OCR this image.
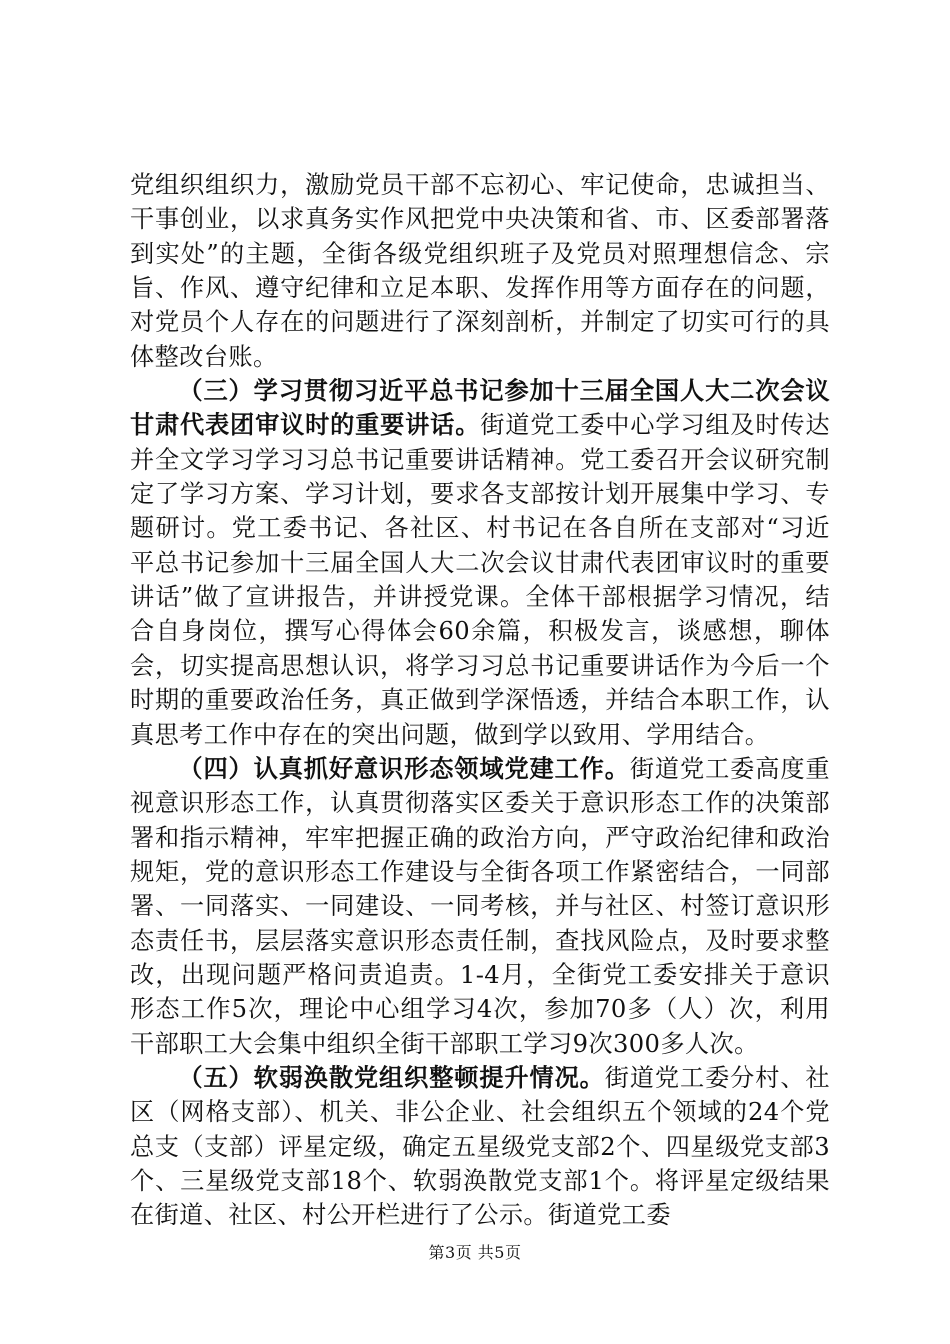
党组织组织力，激励党员干部不忘初心、牢记使命，忠诚担当、干事创业，以求真务实作风把党中央决策和省、市、区委部署落到实处”的主题，全街各级党组织班子及党员对照理想信念、宗旨、作风、遵守纪律和立足本职、发挥作用等方面存在的问题，对党员个人存在的问题进行了深刻剖析，并制定了切实可行的具体整改台账。

（三）学习贯彻习近平总书记参加十三届全国人大二次会议甘肃代表团审议时的重要讲话。街道党工委中心学习组及时传达并全文学习学习习总书记重要讲话精神。党工委召开会议研究制定了学习方案、学习计划，要求各支部按计划开展集中学习、专题研讨。党工委书记、各社区、村书记在各自所在支部对“习近平总书记参加十三届全国人大二次会议甘肃代表团审议时的重要讲话”做了宣讲报告，并讲授党课。全体干部根据学习情况，结合自身岗位，撰写心得体会60余篇，积极发言，谈感想，聊体会，切实提高思想认识，将学习习总书记重要讲话作为今后一个时期的重要政治任务，真正做到学深悟透，并结合本职工作，认真思考工作中存在的突出问题，做到学以致用、学用结合。

（四）认真抓好意识形态领域党建工作。街道党工委高度重视意识形态工作，认真贯彻落实区委关于意识形态工作的决策部署和指示精神，牢牢把握正确的政治方向，严守政治纪律和政治规矩，党的意识形态工作建设与全街各项工作紧密结合，一同部署、一同落实、一同建设、一同考核，并与社区、村签订意识形态责任书，层层落实意识形态责任制，查找风险点，及时要求整改，出现问题严格问责追责。1-4月，全街党工委安排关于意识形态工作5次，理论中心组学习4次，参加70多（人）次，利用干部职工大会集中组织全街干部职工学习9次300多人次。

（五）软弱涣散党组织整顿提升情况。街道党工委分村、社区（网格支部）、机关、非公企业、社会组织五个领域的24个党总支（支部）评星定级，确定五星级党支部2个、四星级党支部3个、三星级党支部18个、软弱涣散党支部1个。将评星定级结果在街道、社区、村公开栏进行了公示。街道党工委

第3页 共5页
